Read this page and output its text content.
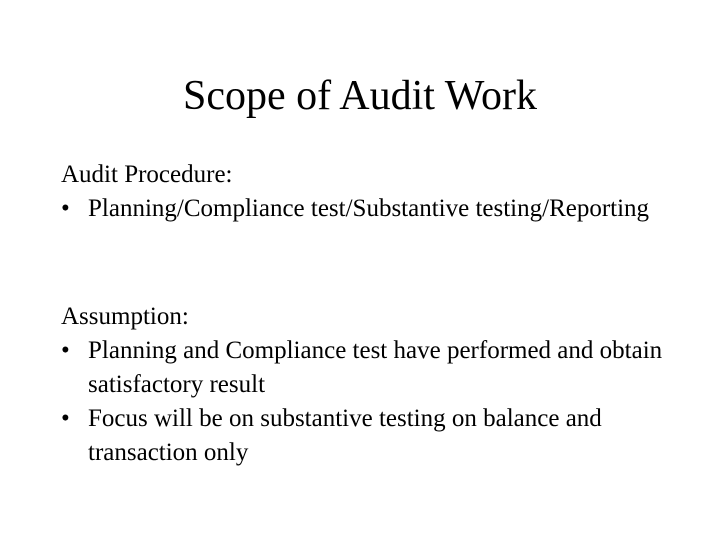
Scope of Audit Work
Audit Procedure:
• Planning/Compliance test/Substantive testing/Reporting
Assumption:
• Planning and Compliance test have performed and obtain satisfactory result
• Focus will be on substantive testing on balance and transaction only
